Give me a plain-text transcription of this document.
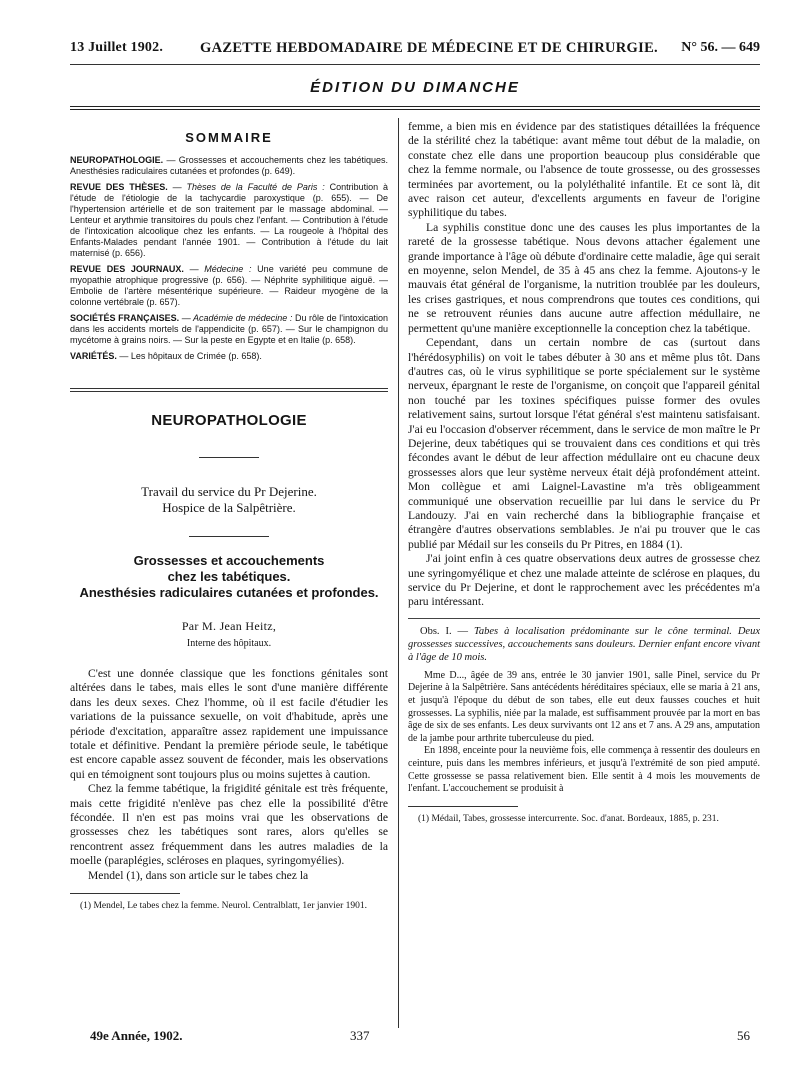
13 Juillet 1902.	GAZETTE HEBDOMADAIRE DE MÉDECINE ET DE CHIRURGIE. N° 56. — 649
ÉDITION DU DIMANCHE
SOMMAIRE
NEUROPATHOLOGIE. — Grossesses et accouchements chez les tabétiques. Anesthésies radiculaires cutanées et profondes (p. 649).
REVUE DES THÈSES. — Thèses de la Faculté de Paris : Contribution à l'étude de l'étiologie de la tachycardie paroxystique (p. 655). — De l'hypertension artérielle et de son traitement par le massage abdominal. — Lenteur et arythmie transitoires du pouls chez l'enfant. — Contribution à l'étude de l'intoxication alcoolique chez les enfants. — La rougeole à l'hôpital des Enfants-Malades pendant l'année 1901. — Contribution à l'étude du lait maternisé (p. 656).
REVUE DES JOURNAUX. — Médecine : Une variété peu commune de myopathie atrophique progressive (p. 656). — Néphrite syphilitique aiguë. — Embolie de l'artère mésentérique supérieure. — Raideur myogène de la colonne vertébrale (p. 657).
SOCIÉTÉS FRANÇAISES. — Académie de médecine : Du rôle de l'intoxication dans les accidents mortels de l'appendicite (p. 657). — Sur le champignon du mycétome à grains noirs. — Sur la peste en Egypte et en Italie (p. 658).
VARIÉTÉS. — Les hôpitaux de Crimée (p. 658).
NEUROPATHOLOGIE
Travail du service du Pr Dejerine.
Hospice de la Salpêtrière.
Grossesses et accouchements
chez les tabétiques.
Anesthésies radiculaires cutanées et profondes.
Par M. Jean Heitz,
Interne des hôpitaux.

C'est une donnée classique que les fonctions génitales sont altérées dans le tabes, mais elles le sont d'une manière différente dans les deux sexes. Chez l'homme, où il est facile d'étudier les variations de la puissance sexuelle, on voit d'habitude, après une période d'excitation, apparaître assez rapidement une impuissance totale et définitive. Pendant la première période seule, le tabétique est encore capable assez souvent de féconder, mais les observations qui en témoignent sont toujours plus ou moins sujettes à caution.

Chez la femme tabétique, la frigidité génitale est très fréquente, mais cette frigidité n'enlève pas chez elle la possibilité d'être fécondée. Il n'en est pas moins vrai que les observations de grossesses chez les tabétiques sont rares, alors qu'elles se rencontrent assez fréquemment dans les autres maladies de la moelle (paraplégies, scléroses en plaques, syringomyélies).

Mendel (1), dans son article sur le tabes chez la

(1) Mendel, Le tabes chez la femme. Neurol. Centralblatt, 1er janvier 1901.

femme, a bien mis en évidence par des statistiques détaillées la fréquence de la stérilité chez la tabétique: avant même tout début de la maladie, on constate chez elle dans une proportion beaucoup plus considérable que chez la femme normale, ou l'absence de toute grossesse, ou des grossesses terminées par avortement, ou la polyléthalité infantile. Et ce sont là, dit avec raison cet auteur, d'excellents arguments en faveur de l'origine syphilitique du tabes.

La syphilis constitue donc une des causes les plus importantes de la rareté de la grossesse tabétique. Nous devons attacher également une grande importance à l'âge où débute d'ordinaire cette maladie, âge qui serait en moyenne, selon Mendel, de 35 à 45 ans chez la femme. Ajoutons-y le mauvais état général de l'organisme, la nutrition troublée par les douleurs, les crises gastriques, et nous comprendrons que toutes ces conditions, qui ne se retrouvent réunies dans aucune autre affection médullaire, ne permettent qu'une manière exceptionnelle la conception chez la tabétique.

Cependant, dans un certain nombre de cas (surtout dans l'hérédosyphilis) on voit le tabes débuter à 30 ans et même plus tôt. Dans d'autres cas, où le virus syphilitique se porte spécialement sur le système nerveux, épargnant le reste de l'organisme, on conçoit que l'appareil génital non touché par les toxines spécifiques puisse former des ovules relativement sains, surtout lorsque l'état général s'est maintenu satisfaisant. J'ai eu l'occasion d'observer récemment, dans le service de mon maître le Pr Dejerine, deux tabétiques qui se trouvaient dans ces conditions et qui très fécondes avant le début de leur affection médullaire ont eu chacune deux grossesses alors que leur système nerveux était déjà profondément atteint. Mon collègue et ami Laignel-Lavastine m'a très obligeamment communiqué une observation recueillie par lui dans le service du Pr Landouzy. J'ai en vain recherché dans la bibliographie française et étrangère d'autres observations semblables. Je n'ai pu trouver que le cas publié par Médail sur les conseils du Pr Pitres, en 1884 (1).

J'ai joint enfin à ces quatre observations deux autres de grossesse chez une syringomyélique et chez une malade atteinte de sclérose en plaques, du service du Pr Dejerine, et dont le rapprochement avec les précédentes m'a paru intéressant.

Obs. I. — Tabes à localisation prédominante sur le cône terminal. Deux grossesses successives, accouchements sans douleurs. Dernier enfant encore vivant à l'âge de 10 mois.

Mme D..., âgée de 39 ans, entrée le 30 janvier 1901, salle Pinel, service du Pr Dejerine à la Salpêtrière. Sans antécédents héréditaires spéciaux, elle se maria à 21 ans, et jusqu'à l'époque du début de son tabes, elle eut deux fausses couches et huit grossesses. La syphilis, niée par la malade, est suffisamment prouvée par la mort en bas âge de six de ses enfants. Les deux survivants ont 12 ans et 7 ans. A 29 ans, amputation de la jambe pour arthrite tuberculeuse du pied.

En 1898, enceinte pour la neuvième fois, elle commença à ressentir des douleurs en ceinture, puis dans les membres inférieurs, et jusqu'à l'extrémité de son pied amputé. Cette grossesse se passa relativement bien. Elle sentit à 4 mois les mouvements de l'enfant. L'accouchement se produisit à

(1) Médail, Tabes, grossesse intercurrente. Soc. d'anat. Bordeaux, 1885, p. 231.
49e Année, 1902.	337	56
